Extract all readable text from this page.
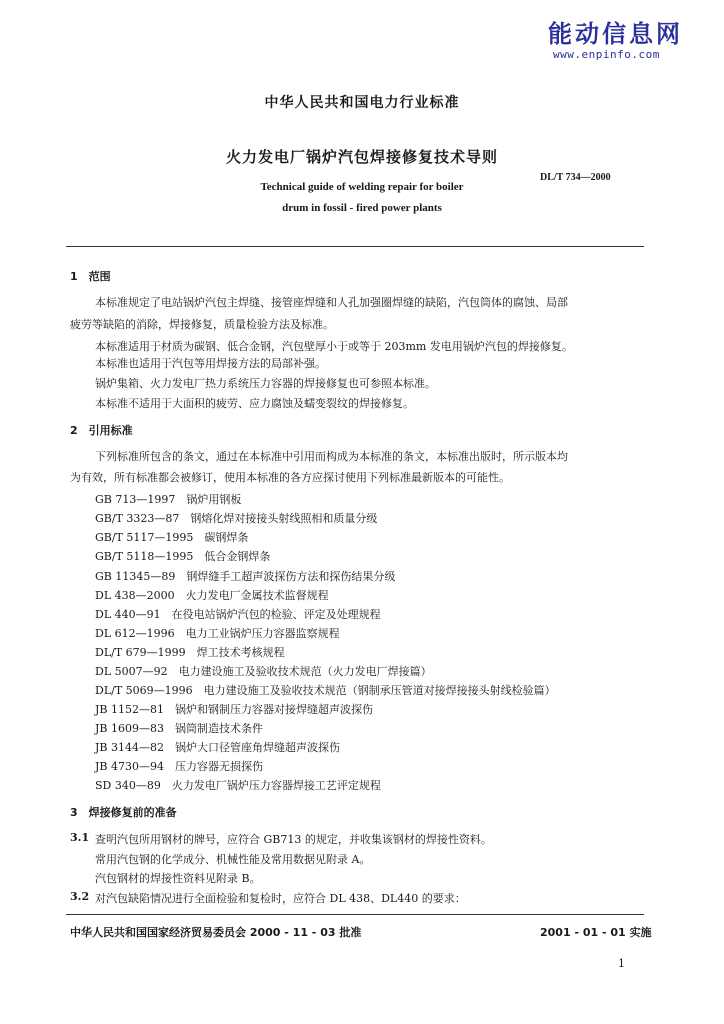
能动信息网
www.enpinfo.com
中华人民共和国电力行业标准
火力发电厂锅炉汽包焊接修复技术导则
DL/T 734—2000
Technical guide of welding repair for boiler
drum in fossil - fired power plants
1　范围
本标准规定了电站锅炉汽包主焊缝、接管座焊缝和人孔加强圈焊缝的缺陷，汽包筒体的腐蚀、局部
疲劳等缺陷的消除，焊接修复，质量检验方法及标准。
本标准适用于材质为碳钢、低合金钢，汽包壁厚小于或等于 203mm 发电用锅炉汽包的焊接修复。
本标准也适用于汽包等用焊接方法的局部补强。
锅炉集箱、火力发电厂热力系统压力容器的焊接修复也可参照本标准。
本标准不适用于大面积的疲劳、应力腐蚀及蠕变裂纹的焊接修复。
2　引用标准
下列标准所包含的条文，通过在本标准中引用而构成为本标准的条文，本标准出版时，所示版本均
为有效，所有标准都会被修订，使用本标准的各方应探讨使用下列标准最新版本的可能性。
GB 713—1997　锅炉用钢板
GB/T 3323—87　钢熔化焊对接接头射线照相和质量分级
GB/T 5117—1995　碳钢焊条
GB/T 5118—1995　低合金钢焊条
GB 11345—89　钢焊缝手工超声波探伤方法和探伤结果分级
DL 438—2000　火力发电厂金属技术监督规程
DL 440—91　在役电站锅炉汽包的检验、评定及处理规程
DL 612—1996　电力工业锅炉压力容器监察规程
DL/T 679—1999　焊工技术考核规程
DL 5007—92　电力建设施工及验收技术规范（火力发电厂焊接篇）
DL/T 5069—1996　电力建设施工及验收技术规范（钢制承压管道对接焊接接头射线检验篇）
JB 1152—81　锅炉和钢制压力容器对接焊缝超声波探伤
JB 1609—83　锅筒制造技术条件
JB 3144—82　锅炉大口径管座角焊缝超声波探伤
JB 4730—94　压力容器无损探伤
SD 340—89　火力发电厂锅炉压力容器焊接工艺评定规程
3　焊接修复前的准备
3.1 查明汽包所用钢材的牌号，应符合 GB713 的规定，并收集该钢材的焊接性资料。
常用汽包钢的化学成分、机械性能及常用数据见附录 A。
汽包钢材的焊接性资料见附录 B。
3.2 对汽包缺陷情况进行全面检验和复检时，应符合 DL 438、DL440 的要求：
中华人民共和国国家经济贸易委员会 2000 - 11 - 03 批准	2001 - 01 - 01 实施
1
